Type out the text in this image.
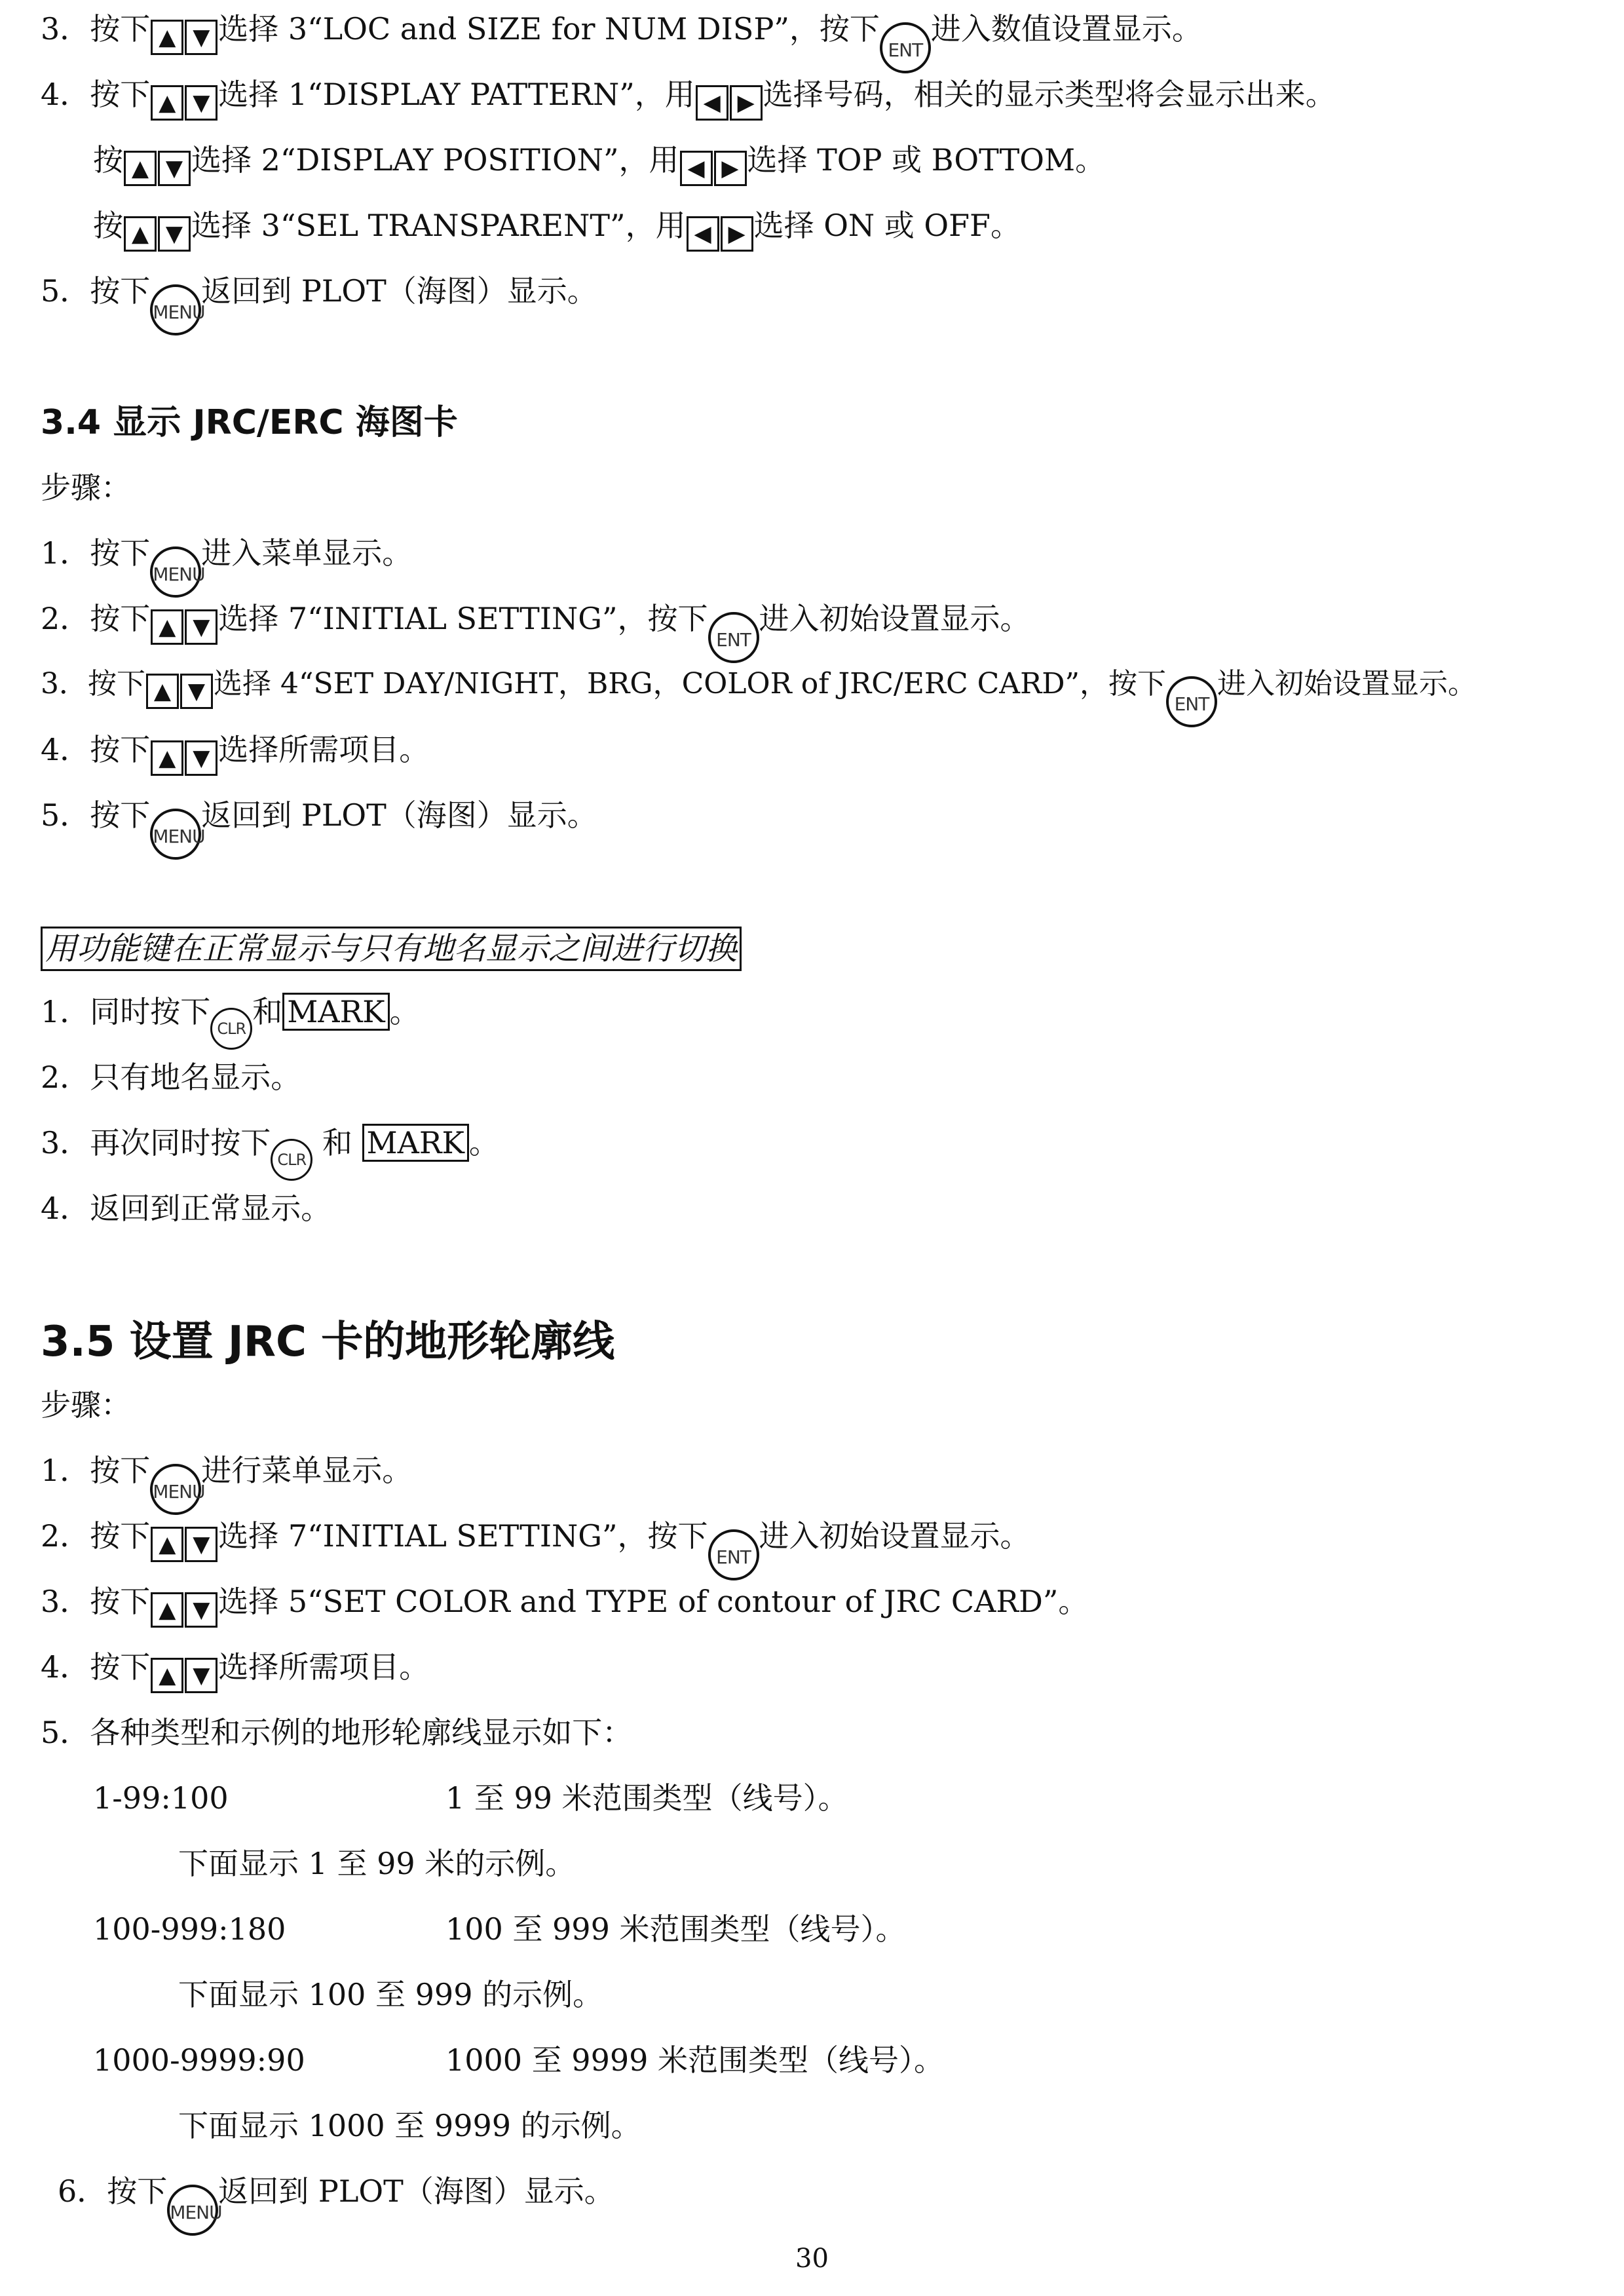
3．按下 ▲ ▼ 选择 3“LOC and SIZE for NUM DISP”，按下ENT进入数值设置显示。
4．按下 ▲ ▼ 选择 1“DISPLAY PATTERN”，用 ◀ ▶ 选择号码，相关的显示类型将会显示出来。
按 ▲ ▼ 选择 2“DISPLAY POSITION”，用 ◀ ▶ 选择 TOP 或 BOTTOM。
按 ▲ ▼ 选择 3“SEL TRANSPARENT”，用 ◀ ▶ 选择 ON 或 OFF。
5．按下MENU返回到 PLOT（海图）显示。
3.4 显示 JRC/ERC 海图卡
步骤：
1．按下MENU进入菜单显示。
2．按下 ▲ ▼ 选择 7“INITIAL SETTING”，按下ENT进入初始设置显示。
3．按下 ▲ ▼ 选择 4“SET DAY/NIGHT，BRG，COLOR of JRC/ERC CARD”，按下ENT进入初始设置显示。
4．按下 ▲ ▼ 选择所需项目。
5．按下MENU返回到 PLOT（海图）显示。
用功能键在正常显示与只有地名显示之间进行切换
1．同时按下 CLR 和 MARK 。
2．只有地名显示。
3．再次同时按下 CLR 和 MARK 。
4．返回到正常显示。
3.5 设置 JRC 卡的地形轮廓线
步骤：
1．按下MENU进行菜单显示。
2．按下 ▲ ▼ 选择 7“INITIAL SETTING”，按下ENT进入初始设置显示。
3．按下 ▲ ▼ 选择 5“SET COLOR and TYPE of contour of JRC CARD”。
4．按下 ▲ ▼ 选择所需项目。
5．各种类型和示例的地形轮廓线显示如下：
1-99:100	1 至 99 米范围类型（线号）。
下面显示 1 至 99 米的示例。
100-999:180	100 至 999 米范围类型（线号）。
下面显示 100 至 999 的示例。
1000-9999:90	1000 至 9999 米范围类型（线号）。
下面显示 1000 至 9999 的示例。
6．按下MENU返回到 PLOT（海图）显示。
30
